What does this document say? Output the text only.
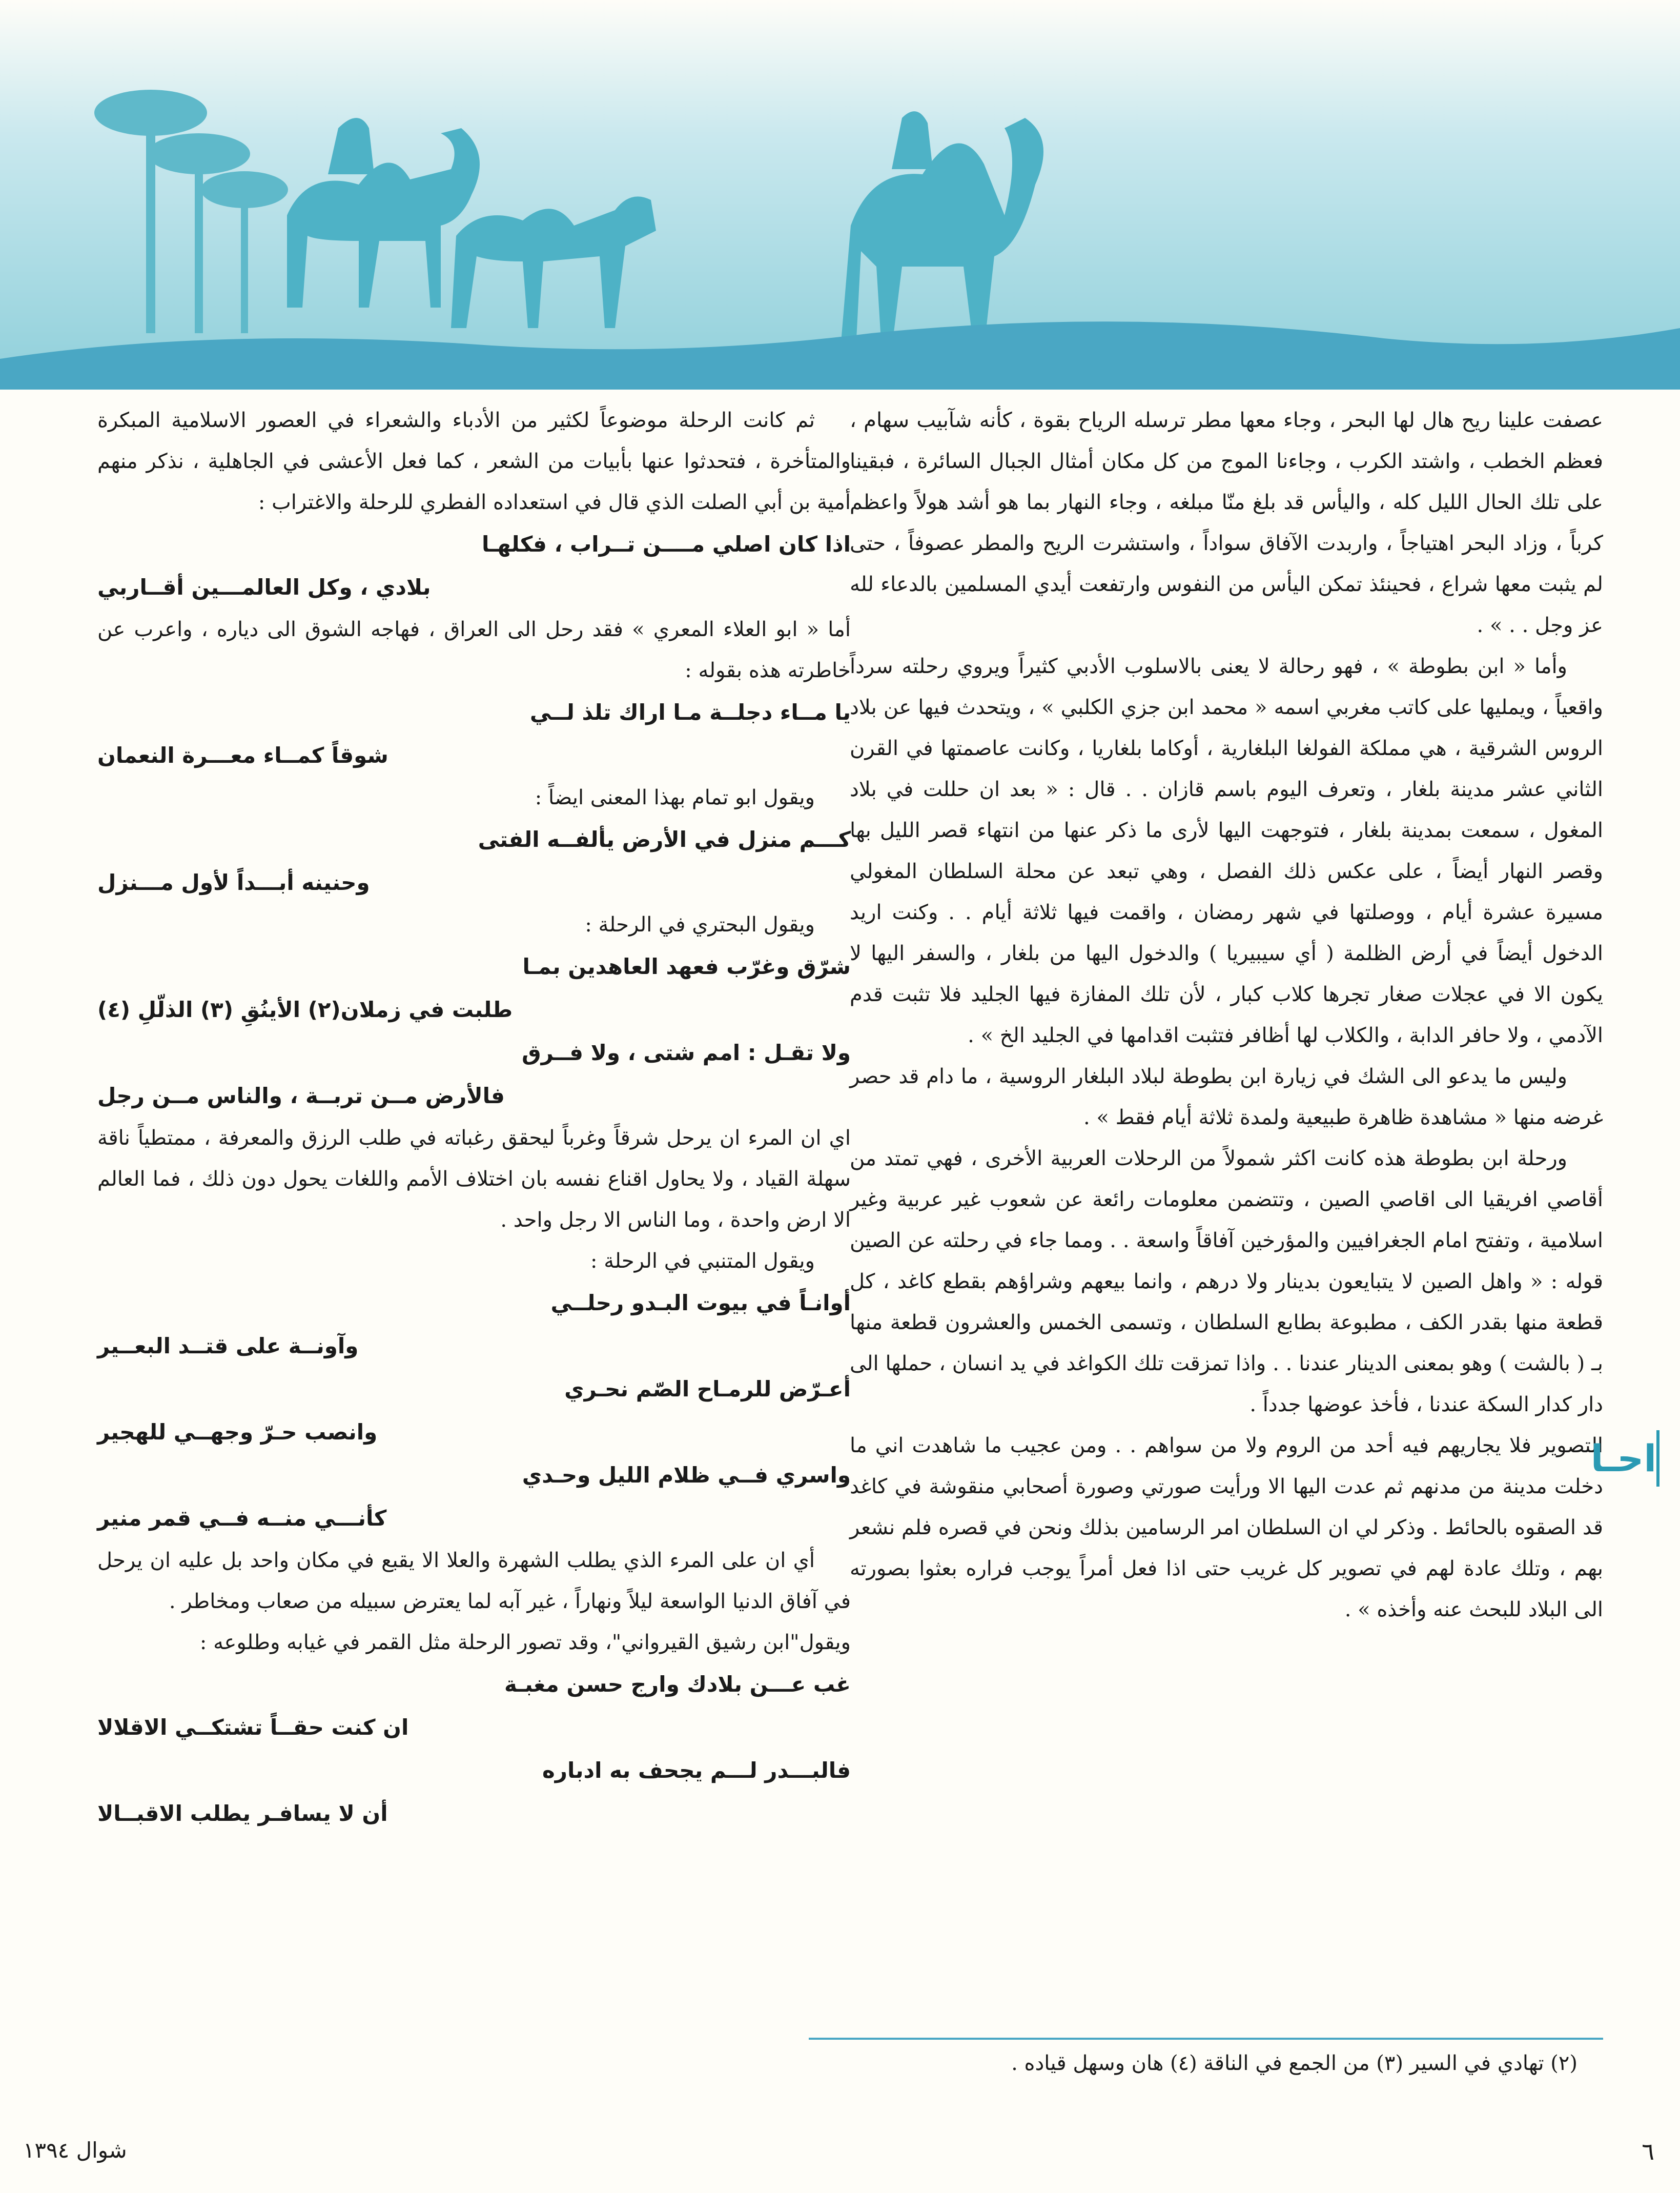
عصفت علينا ريح هال لها البحر ، وجاء معها مطر ترسله الرياح بقوة ، كأنه شآبيب سهام ، فعظم الخطب ، واشتد الكرب ، وجاءنا الموج من كل مكان أمثال الجبال السائرة ، فبقينا على تلك الحال الليل كله ، واليأس قد بلغ منّا مبلغه ، وجاء النهار بما هو أشد هولاً واعظم كرباً ، وزاد البحر اهتياجاً ، واربدت الآفاق سواداً ، واستشرت الريح والمطر عصوفاً ، حتى لم يثبت معها شراع ، فحينئذ تمكن اليأس من النفوس وارتفعت أيدي المسلمين بالدعاء لله عز وجل . . » .

وأما « ابن بطوطة » ، فهو رحالة لا يعنى بالاسلوب الأدبي كثيراً ويروي رحلته سرداً واقعياً ، ويمليها على كاتب مغربي اسمه « محمد ابن جزي الكلبي » ، ويتحدث فيها عن بلاد الروس الشرقية ، هي مملكة الفولغا البلغارية ، أوكاما بلغاريا ، وكانت عاصمتها في القرن الثاني عشر مدينة بلغار ، وتعرف اليوم باسم قازان . . قال : « بعد ان حللت في بلاد المغول ، سمعت بمدينة بلغار ، فتوجهت اليها لأرى ما ذكر عنها من انتهاء قصر الليل بها وقصر النهار أيضاً ، على عكس ذلك الفصل ، وهي تبعد عن محلة السلطان المغولي مسيرة عشرة أيام ، ووصلتها في شهر رمضان ، واقمت فيها ثلاثة أيام . . وكنت اريد الدخول أيضاً في أرض الظلمة ( أي سيبيريا ) والدخول اليها من بلغار ، والسفر اليها لا يكون الا في عجلات صغار تجرها كلاب كبار ، لأن تلك المفازة فيها الجليد فلا تثبت قدم الآدمي ، ولا حافر الدابة ، والكلاب لها أظافر فتثبت اقدامها في الجليد الخ » .

وليس ما يدعو الى الشك في زيارة ابن بطوطة لبلاد البلغار الروسية ، ما دام قد حصر غرضه منها « مشاهدة ظاهرة طبيعية ولمدة ثلاثة أيام فقط » .

ورحلة ابن بطوطة هذه كانت اكثر شمولاً من الرحلات العربية الأخرى ، فهي تمتد من أقاصي افريقيا الى اقاصي الصين ، وتتضمن معلومات رائعة عن شعوب غير عربية وغير اسلامية ، وتفتح امام الجغرافيين والمؤرخين آفاقاً واسعة . . ومما جاء في رحلته عن الصين قوله : « واهل الصين لا يتبايعون بدينار ولا درهم ، وانما بيعهم وشراؤهم بقطع كاغد ، كل قطعة منها بقدر الكف ، مطبوعة بطابع السلطان ، وتسمى الخمس والعشرون قطعة منها بـ ( بالشت ) وهو بمعنى الدينار عندنا . . واذا تمزقت تلك الكواغد في يد انسان ، حملها الى دار كدار السكة عندنا ، فأخذ عوضها جدداً .

احـا

التصوير فلا يجاريهم فيه أحد من الروم ولا من سواهم . . ومن عجيب ما شاهدت اني ما دخلت مدينة من مدنهم ثم عدت اليها الا ورأيت صورتي وصورة أصحابي منقوشة في كاغد قد الصقوه بالحائط . وذكر لي ان السلطان امر الرسامين بذلك ونحن في قصره فلم نشعر بهم ، وتلك عادة لهم في تصوير كل غريب حتى اذا فعل أمراً يوجب فراره بعثوا بصورته الى البلاد للبحث عنه وأخذه » .

ثم كانت الرحلة موضوعاً لكثير من الأدباء والشعراء في العصور الاسلامية المبكرة والمتأخرة ، فتحدثوا عنها بأبيات من الشعر ، كما فعل الأعشى في الجاهلية ، نذكر منهم أمية بن أبي الصلت الذي قال في استعداده الفطري للرحلة والاغتراب :

اذا كان اصلي مــــن تــراب ، فكلهـا

بلادي ، وكل العالمـــين أقــاربي

أما « ابو العلاء المعري » فقد رحل الى العراق ، فهاجه الشوق الى دياره ، واعرب عن خاطرته هذه بقوله :

يا مــاء دجلــة مـا اراك تلذ لــي

شوقاً كمــاء معـــرة النعمان

ويقول ابو تمام بهذا المعنى ايضاً :

كـــم منزل في الأرض يألفــه الفتى

وحنينه أبـــداً لأول مـــنزل

ويقول البحتري في الرحلة :

شرّق وغرّب فعهد العاهدين بمـا

طلبت في زملان(٢) الأينُقِ (٣) الذلّلِ (٤)

ولا تقـل : امم شتى ، ولا فــرق

فالأرض مــن تربــة ، والناس مــن رجل

اي ان المرء ان يرحل شرقاً وغرباً ليحقق رغباته في طلب الرزق والمعرفة ، ممتطياً ناقة سهلة القياد ، ولا يحاول اقناع نفسه بان اختلاف الأمم واللغات يحول دون ذلك ، فما العالم الا ارض واحدة ، وما الناس الا رجل واحد .

ويقول المتنبي في الرحلة :

أوانـاً في بيوت البـدو رحلــي

وآونــة على قتــد البعــير

أعـرّض للرمـاح الصّم نحـري

وانصب حـرّ وجهــي للهجير

واسري فــي ظلام الليل وحـدي

كأنـــي منــه فــي قمر منير

أي ان على المرء الذي يطلب الشهرة والعلا الا يقبع في مكان واحد بل عليه ان يرحل في آفاق الدنيا الواسعة ليلاً ونهاراً ، غير آبه لما يعترض سبيله من صعاب ومخاطر .

ويقول"ابن رشيق القيرواني"، وقد تصور الرحلة مثل القمر في غيابه وطلوعه :

غب عـــن بلادك وارج حسن مغبـة

ان كنت حقــاً تشتكــي الاقلالا

فالبـــدر لـــم يجحف به ادباره

أن لا يسافـر يطلب الاقبــالا

(٢) تهادي في السير (٣) من الجمع في الناقة (٤) هان وسهل قياده .
شوال ١٣٩٤	٦
